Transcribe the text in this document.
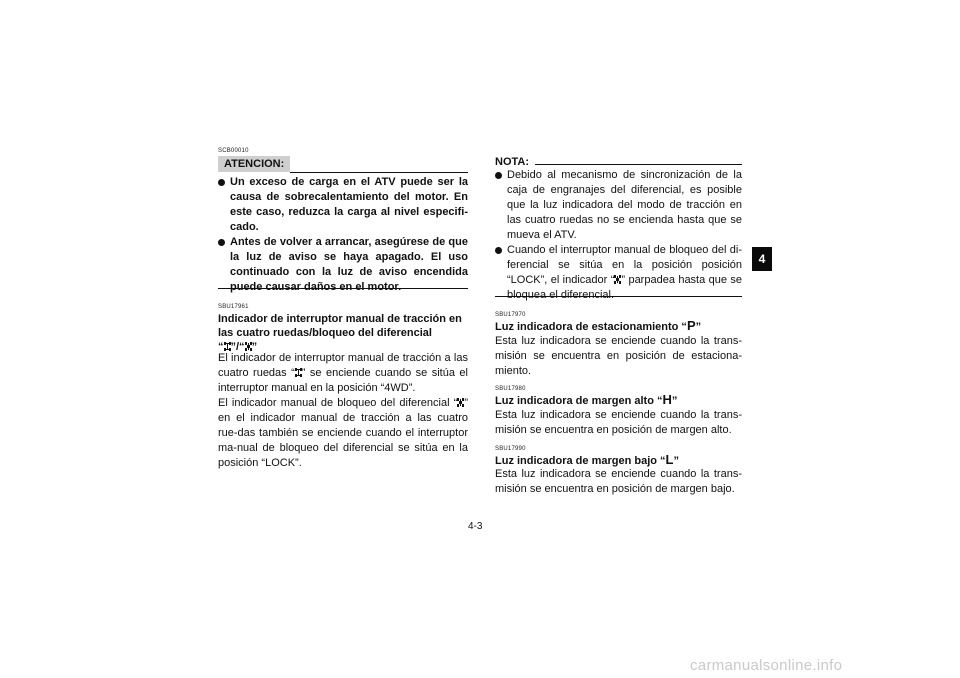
SCB00010
ATENCION:
Un exceso de carga en el ATV puede ser la causa de sobrecalentamiento del motor. En este caso, reduzca la carga al nivel especifi-cado.
Antes de volver a arrancar, asegúrese de que la luz de aviso se haya apagado. El uso continuado con la luz de aviso encendida puede causar daños en el motor.
SBU17961
Indicador de interruptor manual de tracción en
las cuatro ruedas/bloqueo del diferencial
“ ”/“ ”
El indicador de interruptor manual de tracción a las cuatro ruedas “ ” se enciende cuando se sitúa el interruptor manual en la posición “4WD”.
El indicador manual de bloqueo del diferencial “ ” en el indicador manual de tracción a las cuatro rue-das también se enciende cuando el interruptor ma-nual de bloqueo del diferencial se sitúa en la posición “LOCK”.
NOTA:
Debido al mecanismo de sincronización de la caja de engranajes del diferencial, es posible que la luz indicadora del modo de tracción en las cuatro ruedas no se encienda hasta que se mueva el ATV.
Cuando el interruptor manual de bloqueo del di-ferencial se sitúa en la posición posición “LOCK”, el indicador “ ” parpadea hasta que se bloquea el diferencial.
SBU17970
Luz indicadora de estacionamiento “P”
Esta luz indicadora se enciende cuando la trans-misión se encuentra en posición de estaciona-miento.
SBU17980
Luz indicadora de margen alto “H”
Esta luz indicadora se enciende cuando la trans-misión se encuentra en posición de margen alto.
SBU17990
Luz indicadora de margen bajo “L”
Esta luz indicadora se enciende cuando la trans-misión se encuentra en posición de margen bajo.
4
4-3
carmanualsonline.info
